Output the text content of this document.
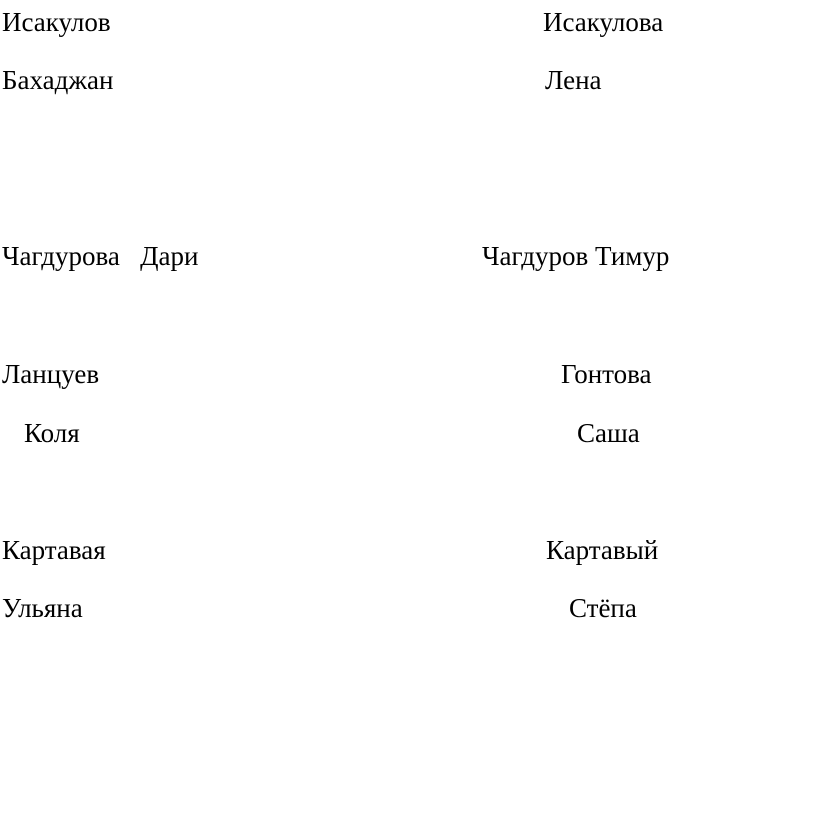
Исакулов
Бахаджан
Исакулова
Лена
Чагдурова   Дари	Чагдуров Тимур
Ланцуев
Коля
Гонтова
Саша
Картавая
Ульяна
Картавый
Стёпа
